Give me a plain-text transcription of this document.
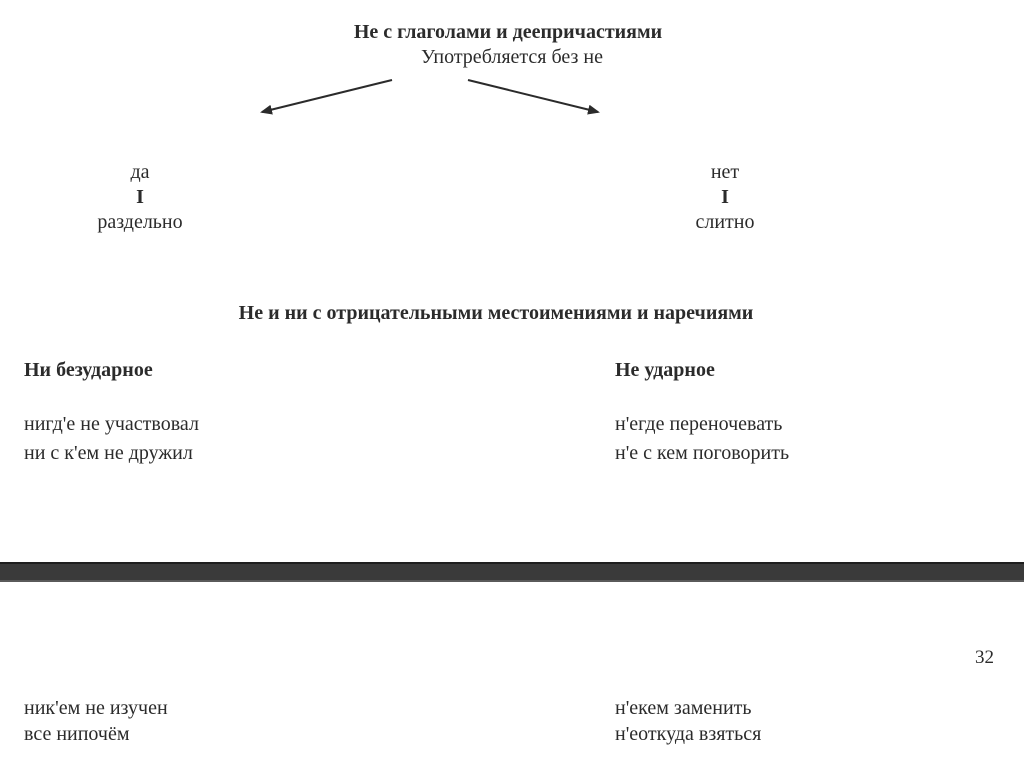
Не с глаголами и деепричастиями
Употребляется без не
да
I
раздельно
нет
I
слитно
Не и ни с отрицательными местоимениями и наречиями
Ни безударное	Не ударное
нигд'е не участвовал
ни с к'ем не дружил
н'егде переночевать
н'е с кем поговорить
32
ник'ем не изучен
все нипочём
н'екем заменить
н'еоткуда взяться
